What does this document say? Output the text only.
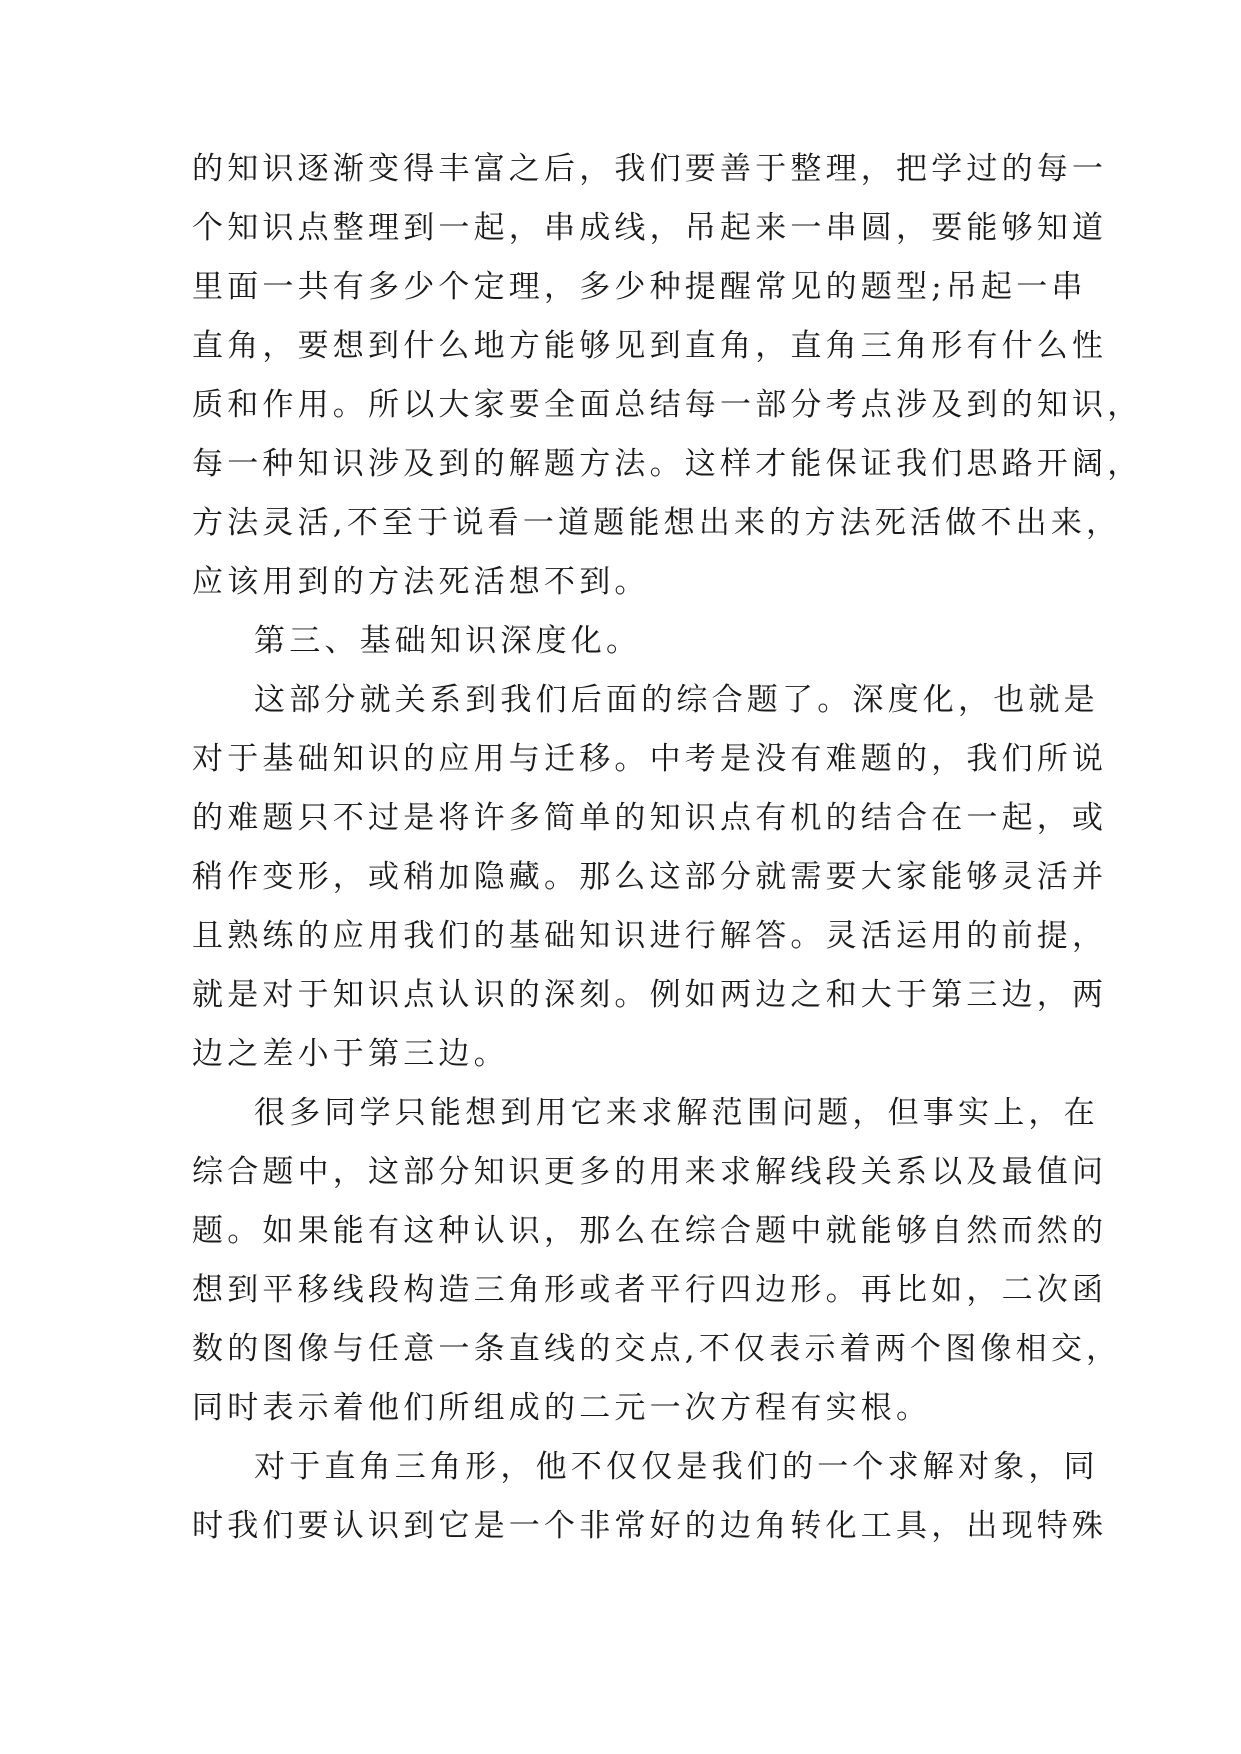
的知识逐渐变得丰富之后，我们要善于整理，把学过的每一
个知识点整理到一起，串成线，吊起来一串圆，要能够知道
里面一共有多少个定理，多少种提醒常见的题型;吊起一串
直角，要想到什么地方能够见到直角，直角三角形有什么性
质和作用。所以大家要全面总结每一部分考点涉及到的知识，
每一种知识涉及到的解题方法。这样才能保证我们思路开阔，
方法灵活,不至于说看一道题能想出来的方法死活做不出来，
应该用到的方法死活想不到。
第三、基础知识深度化。
这部分就关系到我们后面的综合题了。深度化，也就是
对于基础知识的应用与迁移。中考是没有难题的，我们所说
的难题只不过是将许多简单的知识点有机的结合在一起，或
稍作变形，或稍加隐藏。那么这部分就需要大家能够灵活并
且熟练的应用我们的基础知识进行解答。灵活运用的前提，
就是对于知识点认识的深刻。例如两边之和大于第三边，两
边之差小于第三边。
很多同学只能想到用它来求解范围问题，但事实上，在
综合题中，这部分知识更多的用来求解线段关系以及最值问
题。如果能有这种认识，那么在综合题中就能够自然而然的
想到平移线段构造三角形或者平行四边形。再比如，二次函
数的图像与任意一条直线的交点,不仅表示着两个图像相交，
同时表示着他们所组成的二元一次方程有实根。
对于直角三角形，他不仅仅是我们的一个求解对象，同
时我们要认识到它是一个非常好的边角转化工具，出现特殊
